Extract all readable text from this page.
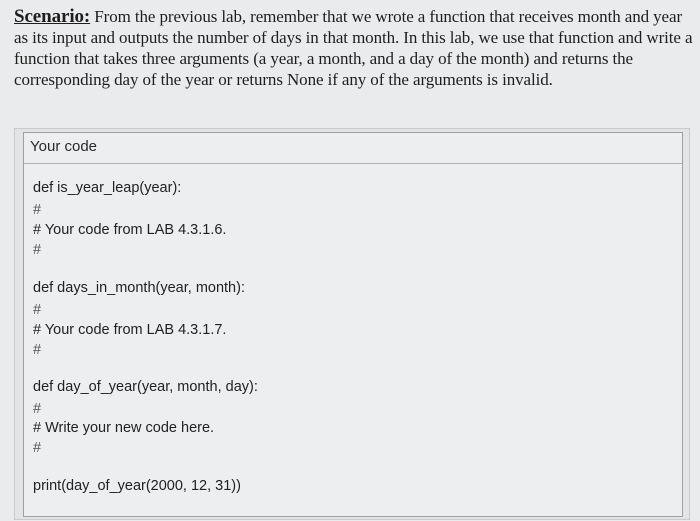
Scenario: From the previous lab, remember that we wrote a function that receives month and year as its input and outputs the number of days in that month. In this lab, we use that function and write a function that takes three arguments (a year, a month, and a day of the month) and returns the corresponding day of the year or returns None if any of the arguments is invalid.
Your code
def is_year_leap(year):
#
# Your code from LAB 4.3.1.6.
#
def days_in_month(year, month):
#
# Your code from LAB 4.3.1.7.
#
def day_of_year(year, month, day):
#
# Write your new code here.
#
print(day_of_year(2000, 12, 31))
